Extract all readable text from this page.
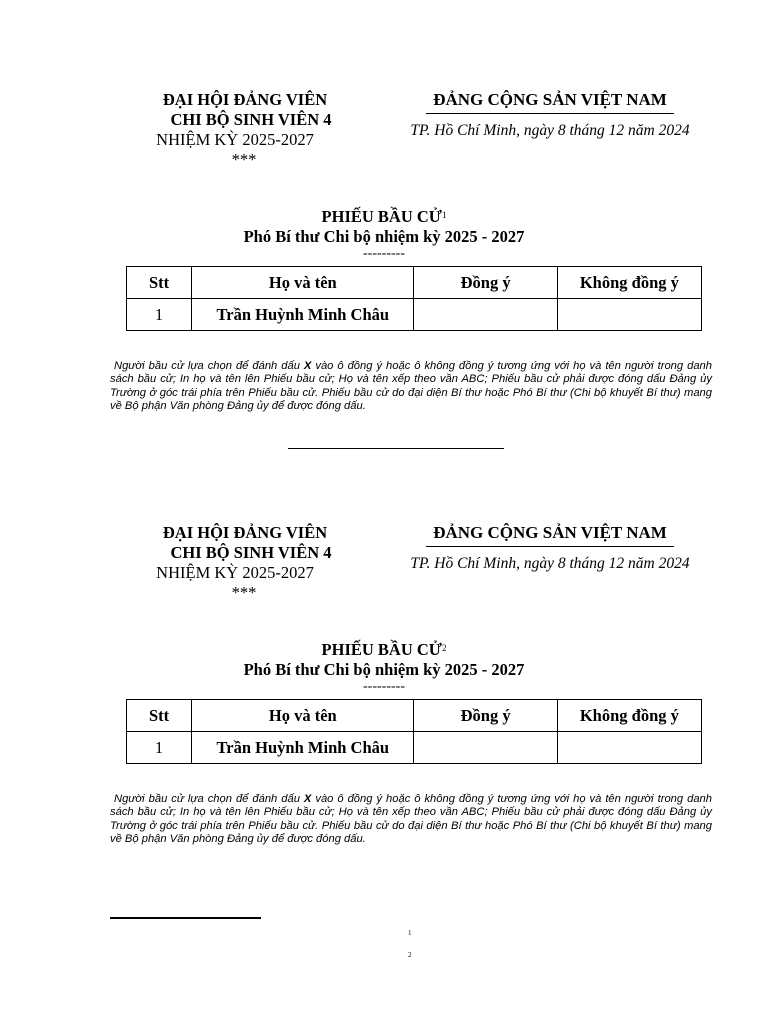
ĐẠI HỘI ĐẢNG VIÊN
CHI BỘ SINH VIÊN 4
NHIỆM KỲ 2025-2027
***
ĐẢNG CỘNG SẢN VIỆT NAM
TP. Hồ Chí Minh, ngày 8 tháng 12 năm 2024
PHIẾU BẦU CỬ$^1$
Phó Bí thư Chi bộ nhiệm kỳ 2025 - 2027
---------
Stt	Họ và tên	Đồng ý	Không đồng ý
1	Trần Huỳnh Minh Châu		
Người bầu cử lựa chọn để đánh dấu X vào ô đồng ý hoặc ô không đồng ý tương ứng với họ và tên người trong danh sách bầu cử; In họ và tên lên Phiếu bầu cử; Họ và tên xếp theo vần ABC; Phiếu bầu cử phải được đóng dấu Đảng ủy Trường ở góc trái phía trên Phiếu bầu cử. Phiếu bầu cử do đại diện Bí thư hoặc Phó Bí thư (Chi bộ khuyết Bí thư) mang về Bộ phận Văn phòng Đảng ủy để được đóng dấu.
ĐẠI HỘI ĐẢNG VIÊN
CHI BỘ SINH VIÊN 4
NHIỆM KỲ 2025-2027
***
ĐẢNG CỘNG SẢN VIỆT NAM
TP. Hồ Chí Minh, ngày 8 tháng 12 năm 2024
PHIẾU BẦU CỬ$^2$
Phó Bí thư Chi bộ nhiệm kỳ 2025 - 2027
---------
Stt	Họ và tên	Đồng ý	Không đồng ý
1	Trần Huỳnh Minh Châu		
Người bầu cử lựa chọn để đánh dấu X vào ô đồng ý hoặc ô không đồng ý tương ứng với họ và tên người trong danh sách bầu cử; In họ và tên lên Phiếu bầu cử; Họ và tên xếp theo vần ABC; Phiếu bầu cử phải được đóng dấu Đảng ủy Trường ở góc trái phía trên Phiếu bầu cử. Phiếu bầu cử do đại diện Bí thư hoặc Phó Bí thư (Chi bộ khuyết Bí thư) mang về Bộ phận Văn phòng Đảng ủy để được đóng dấu.
1
2
